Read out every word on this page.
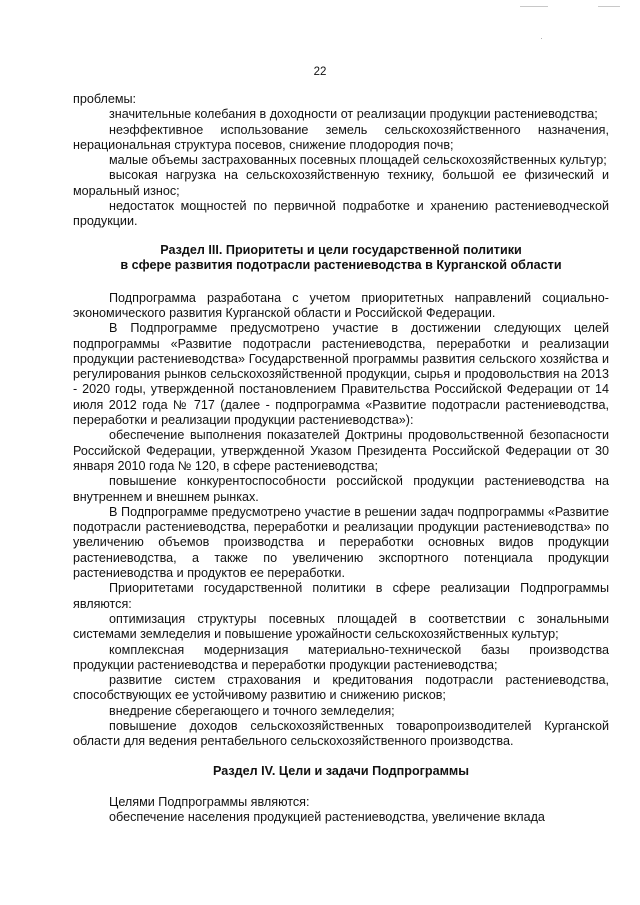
22

проблемы:

значительные колебания в доходности от реализации продукции растениеводства;

неэффективное использование земель сельскохозяйственного назначения, нерациональная структура посевов, снижение плодородия почв;

малые объемы застрахованных посевных площадей сельскохозяйственных культур;

высокая нагрузка на сельскохозяйственную технику, большой ее физический и моральный износ;

недостаток мощностей по первичной подработке и хранению растениеводческой продукции.

Раздел III. Приоритеты и цели государственной политики
в сфере развития подотрасли растениеводства в Курганской области

Подпрограмма разработана с учетом приоритетных направлений социально-экономического развития Курганской области и Российской Федерации.

В Подпрограмме предусмотрено участие в достижении следующих целей подпрограммы «Развитие подотрасли растениеводства, переработки и реализации продукции растениеводства» Государственной программы развития сельского хозяйства и регулирования рынков сельскохозяйственной продукции, сырья и продовольствия на 2013 - 2020 годы, утвержденной постановлением Правительства Российской Федерации от 14 июля 2012 года № 717 (далее - подпрограмма «Развитие подотрасли растениеводства, переработки и реализации продукции растениеводства»):

обеспечение выполнения показателей Доктрины продовольственной безопасности Российской Федерации, утвержденной Указом Президента Российской Федерации от 30 января 2010 года № 120, в сфере растениеводства;

повышение конкурентоспособности российской продукции растениеводства на внутреннем и внешнем рынках.

В Подпрограмме предусмотрено участие в решении задач подпрограммы «Развитие подотрасли растениеводства, переработки и реализации продукции растениеводства» по увеличению объемов производства и переработки основных видов продукции растениеводства, а также по увеличению экспортного потенциала продукции растениеводства и продуктов ее переработки.

Приоритетами государственной политики в сфере реализации Подпрограммы являются:

оптимизация структуры посевных площадей в соответствии с зональными системами земледелия и повышение урожайности сельскохозяйственных культур;

комплексная модернизация материально-технической базы производства продукции растениеводства и переработки продукции растениеводства;

развитие систем страхования и кредитования подотрасли растениеводства, способствующих ее устойчивому развитию и снижению рисков;

внедрение сберегающего и точного земледелия;

повышение доходов сельскохозяйственных товаропроизводителей Курганской области для ведения рентабельного сельскохозяйственного производства.

Раздел IV. Цели и задачи Подпрограммы

Целями Подпрограммы являются:

обеспечение населения продукцией растениеводства, увеличение вклада
